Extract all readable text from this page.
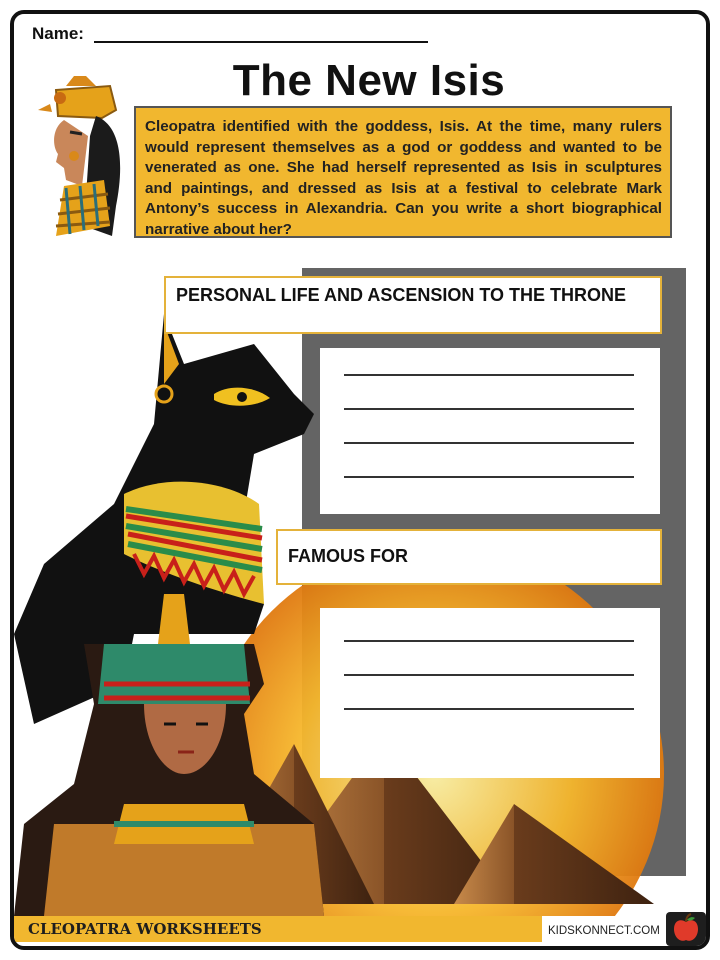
Name:
The New Isis
Cleopatra identified with the goddess, Isis. At the time, many rulers would represent themselves as a god or goddess and wanted to be venerated as one. She had herself represented as Isis in sculptures and paintings, and dressed as Isis at a festival to celebrate Mark Antony’s success in Alexandria. Can you write a short biographical narrative about her?
PERSONAL LIFE AND ASCENSION TO THE THRONE
FAMOUS FOR
CLEOPATRA WORKSHEETS	KIDSKONNECT.COM
